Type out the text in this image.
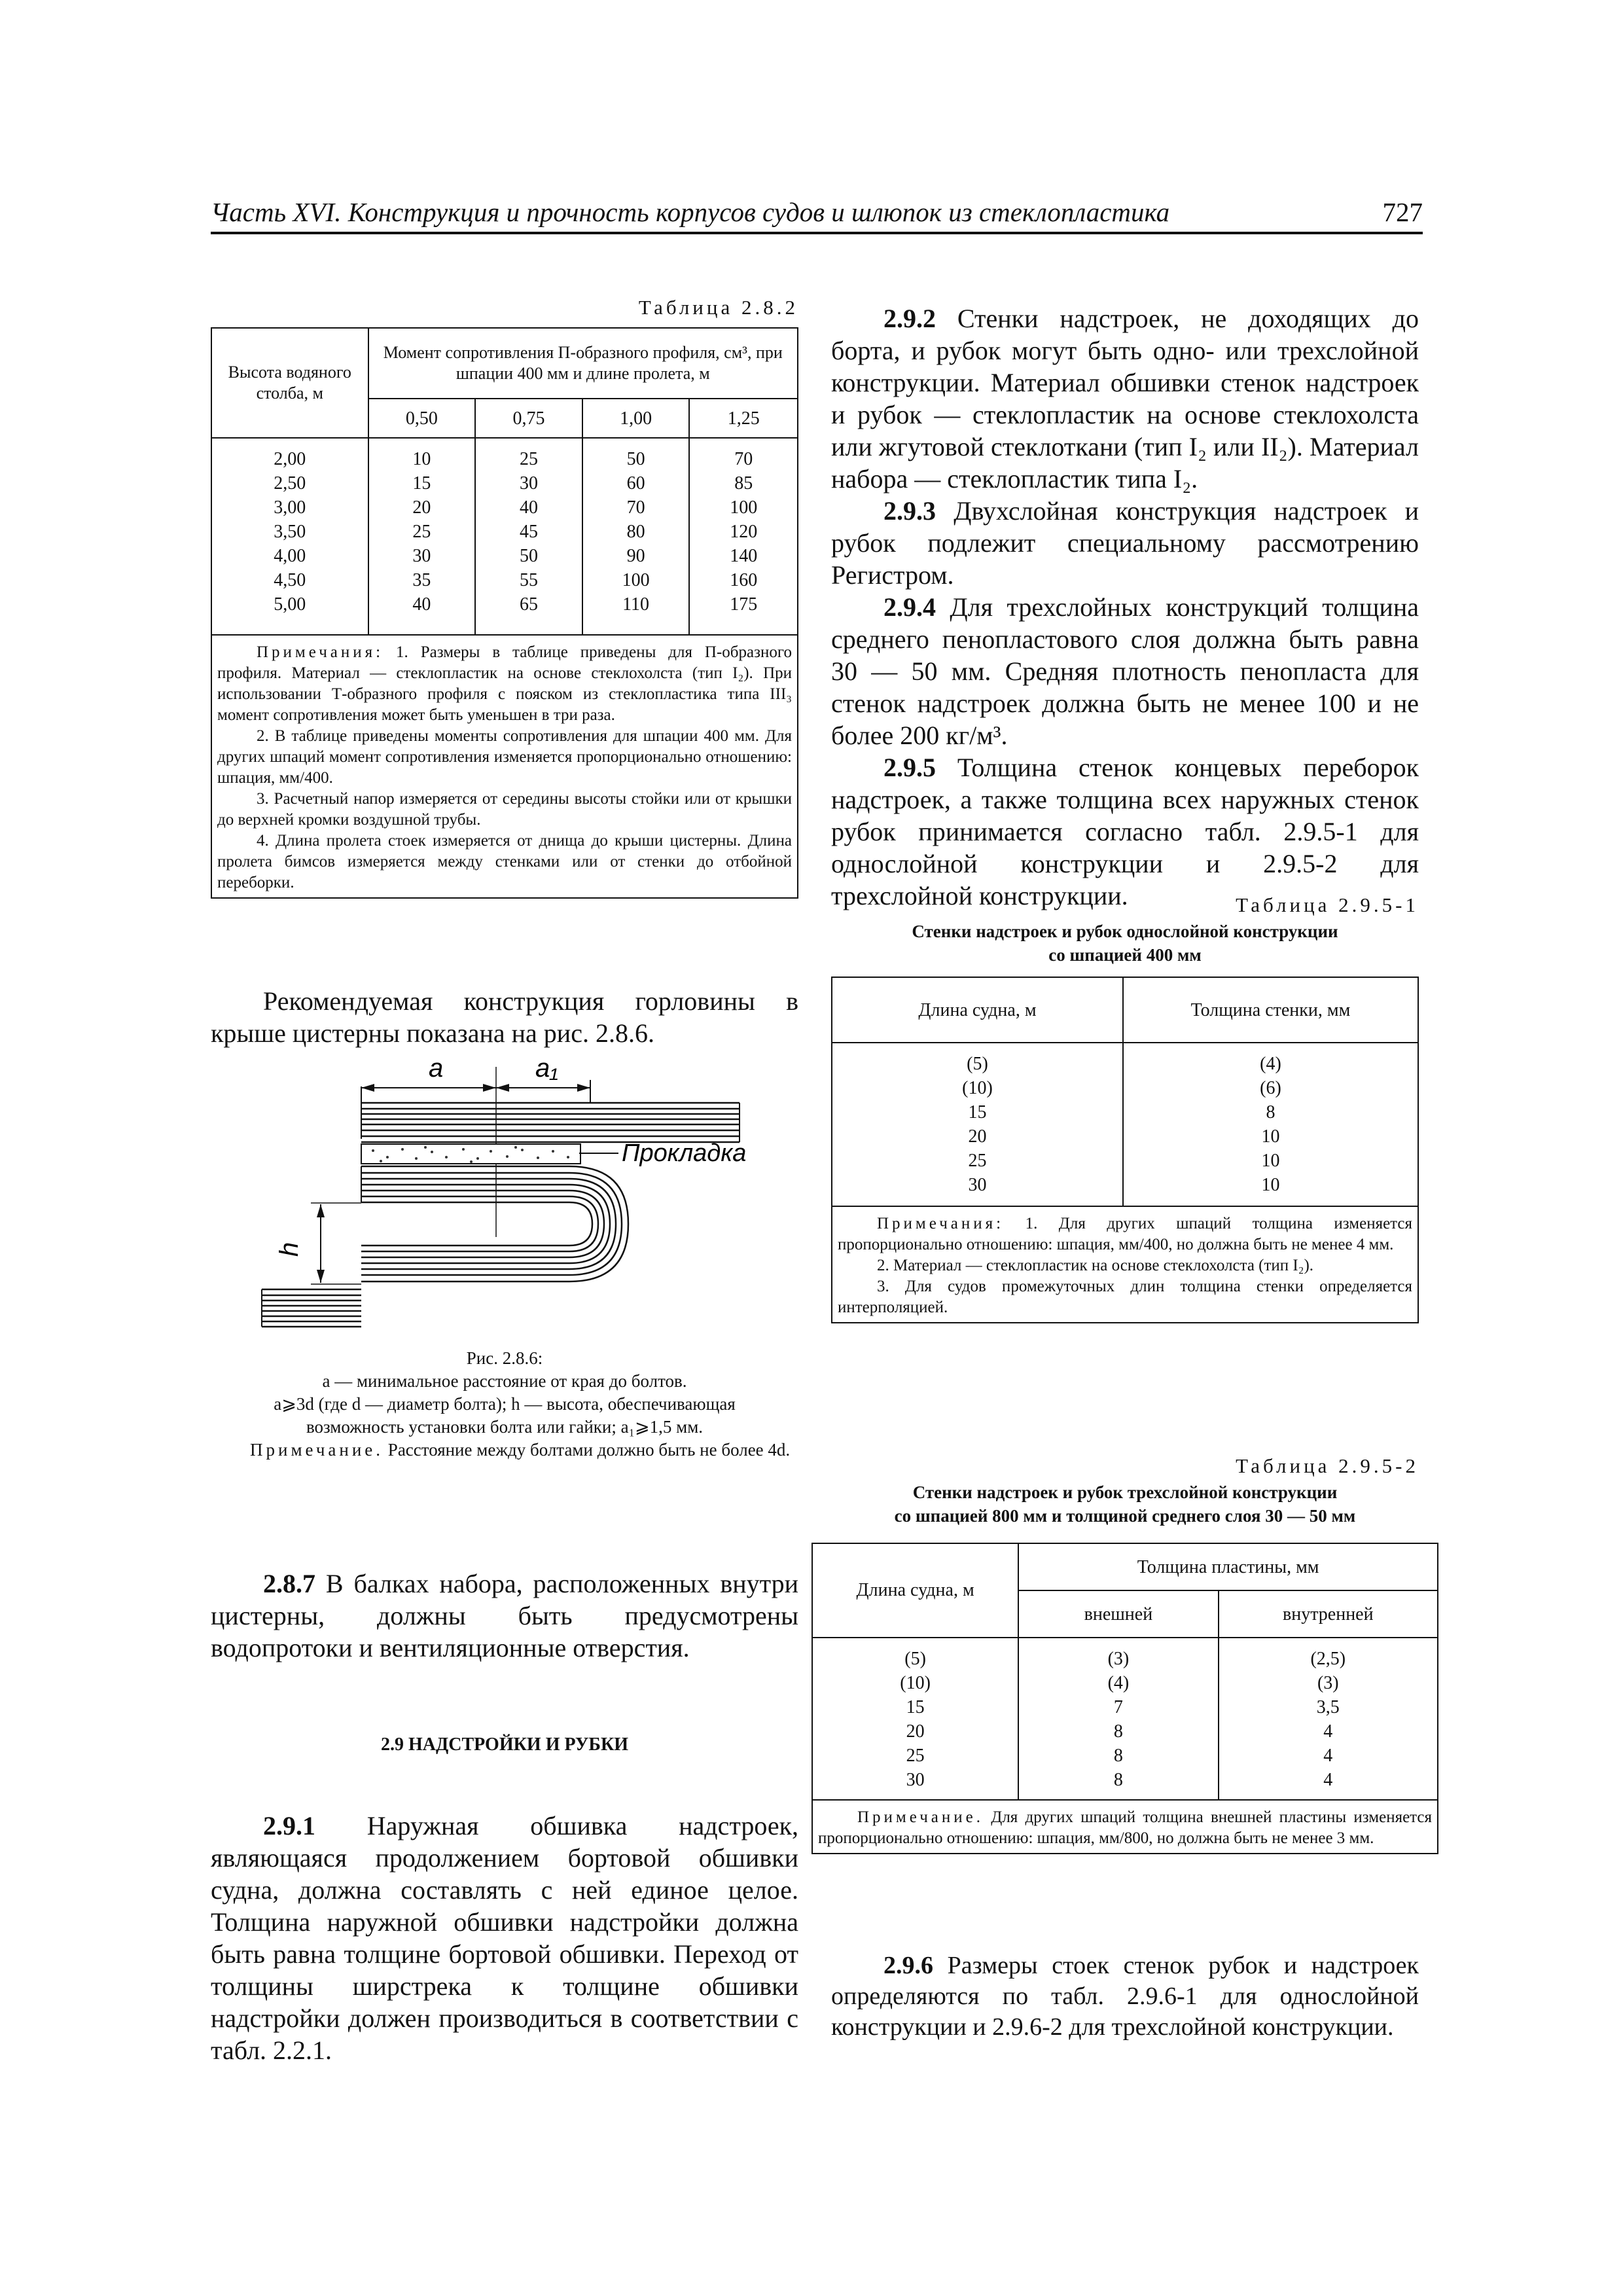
Часть XVI. Конструкция и прочность корпусов судов и шлюпок из стеклопластика	727
Таблица 2.8.2
Высота водяного столба, м	Момент сопротивления П-образного профиля, см³, при шпации 400 мм и длине пролета, м			
	0,50	0,75	1,00	1,25

2,00	10	25	50	70
2,50	15	30	60	85
3,00	20	40	70	100
3,50	25	45	80	120
4,00	30	50	90	140
4,50	35	55	100	160
5,00	40	65	110	175

Примечания: 1. Размеры в таблице приведены для П-образного профиля. Материал — стеклопластик на основе стеклохолста (тип I₂). При использовании Т-образного профиля с пояском из стеклопластика типа III₃ момент сопротивления может быть уменьшен в три раза.

2. В таблице приведены моменты сопротивления для шпации 400 мм. Для других шпаций момент сопротивления изменяется пропорционально отношению: шпация, мм/400.

3. Расчетный напор измеряется от середины высоты стойки или от крышки до верхней кромки воздушной трубы.

4. Длина пролета стоек измеряется от днища до крыши цистерны. Длина пролета бимсов измеряется между стенками или от стенки до отбойной переборки.				

Рекомендуемая конструкция горловины в крыше цистерны показана на рис. 2.8.6.

a	a₁
h
Прокладка
Рис. 2.8.6:
a — минимальное расстояние от края до болтов.
a⩾3d (где d — диаметр болта); h — высота, обеспечивающая возможность установки болта или гайки; a₁⩾1,5 мм.
Примечание. Расстояние между болтами должно быть не более 4d.

2.8.7 В балках набора, расположенных внутри цистерны, должны быть предусмотрены водопротоки и вентиляционные отверстия.

2.9 НАДСТРОЙКИ И РУБКИ

2.9.1 Наружная обшивка надстроек, являющаяся продолжением бортовой обшивки судна, должна составлять с ней единое целое. Толщина наружной обшивки надстройки должна быть равна толщине бортовой обшивки. Переход от толщины ширстрека к толщине обшивки надстройки должен производиться в соответствии с табл. 2.2.1.

2.9.2 Стенки надстроек, не доходящих до борта, и рубок могут быть одно- или трехслойной конструкции. Материал обшивки стенок надстроек и рубок — стеклопластик на основе стеклохолста или жгутовой стеклоткани (тип I₂ или II₂). Материал набора — стеклопластик типа I₂.

2.9.3 Двухслойная конструкция надстроек и рубок подлежит специальному рассмотрению Регистром.

2.9.4 Для трехслойных конструкций толщина среднего пенопластового слоя должна быть равна 30 — 50 мм. Средняя плотность пенопласта для стенок надстроек должна быть не менее 100 и не более 200 кг/м³.

2.9.5 Толщина стенок концевых переборок надстроек, а также толщина всех наружных стенок рубок принимается согласно табл. 2.9.5-1 для однослойной конструкции и 2.9.5-2 для трехслойной конструкции.	Таблица 2.9.5-1
Стенки надстроек и рубок однослойной конструкции
со шпацией 400 мм
Длина судна, м	Толщина стенки, мм

(5)	(4)
(10)	(6)
15	8
20	10
25	10
30	10

Примечания: 1. Для других шпаций толщина изменяется пропорционально отношению: шпация, мм/400, но должна быть не менее 4 мм.

2. Материал — стеклопластик на основе стеклохолста (тип I₂).

3. Для судов промежуточных длин толщина стенки определяется интерполяцией.	

Таблица 2.9.5-2
Стенки надстроек и рубок трехслойной конструкции
со шпацией 800 мм и толщиной среднего слоя 30 — 50 мм
Длина судна, м	Толщина пластины, мм	
	внешней	внутренней

(5)	(3)	(2,5)
(10)	(4)	(3)
15	7	3,5
20	8	4
25	8	4
30	8	4

Примечание. Для других шпаций толщина внешней пластины изменяется пропорционально отношению: шпация, мм/800, но должна быть не менее 3 мм.		

2.9.6 Размеры стоек стенок рубок и надстроек определяются по табл. 2.9.6-1 для однослойной конструкции и 2.9.6-2 для трехслойной конструкции.
